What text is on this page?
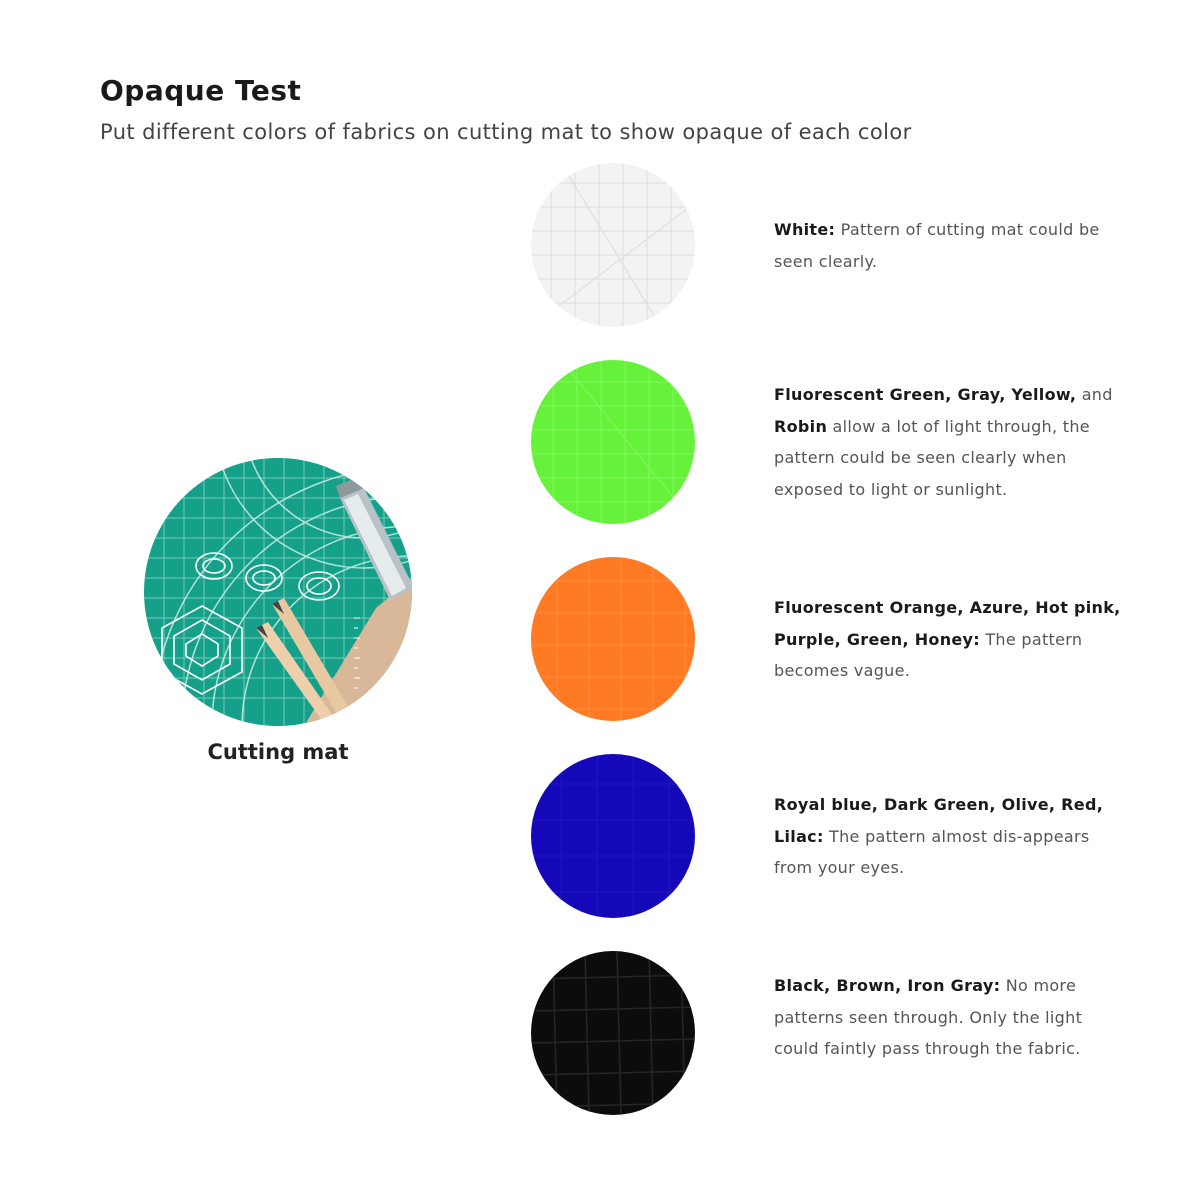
Opaque Test
Put different colors of fabrics on cutting mat to show opaque of each color
Cutting mat
White: Pattern of cutting mat could be seen clearly.
Fluorescent Green, Gray, Yellow, and Robin allow a lot of light through, the pattern could be seen clearly when exposed to light or sunlight.
Fluorescent Orange, Azure, Hot pink, Purple, Green, Honey: The pattern becomes vague.
Royal blue, Dark Green, Olive, Red, Lilac: The pattern almost dis-appears from your eyes.
Black, Brown, Iron Gray: No more patterns seen through. Only the light could faintly pass through the fabric.
